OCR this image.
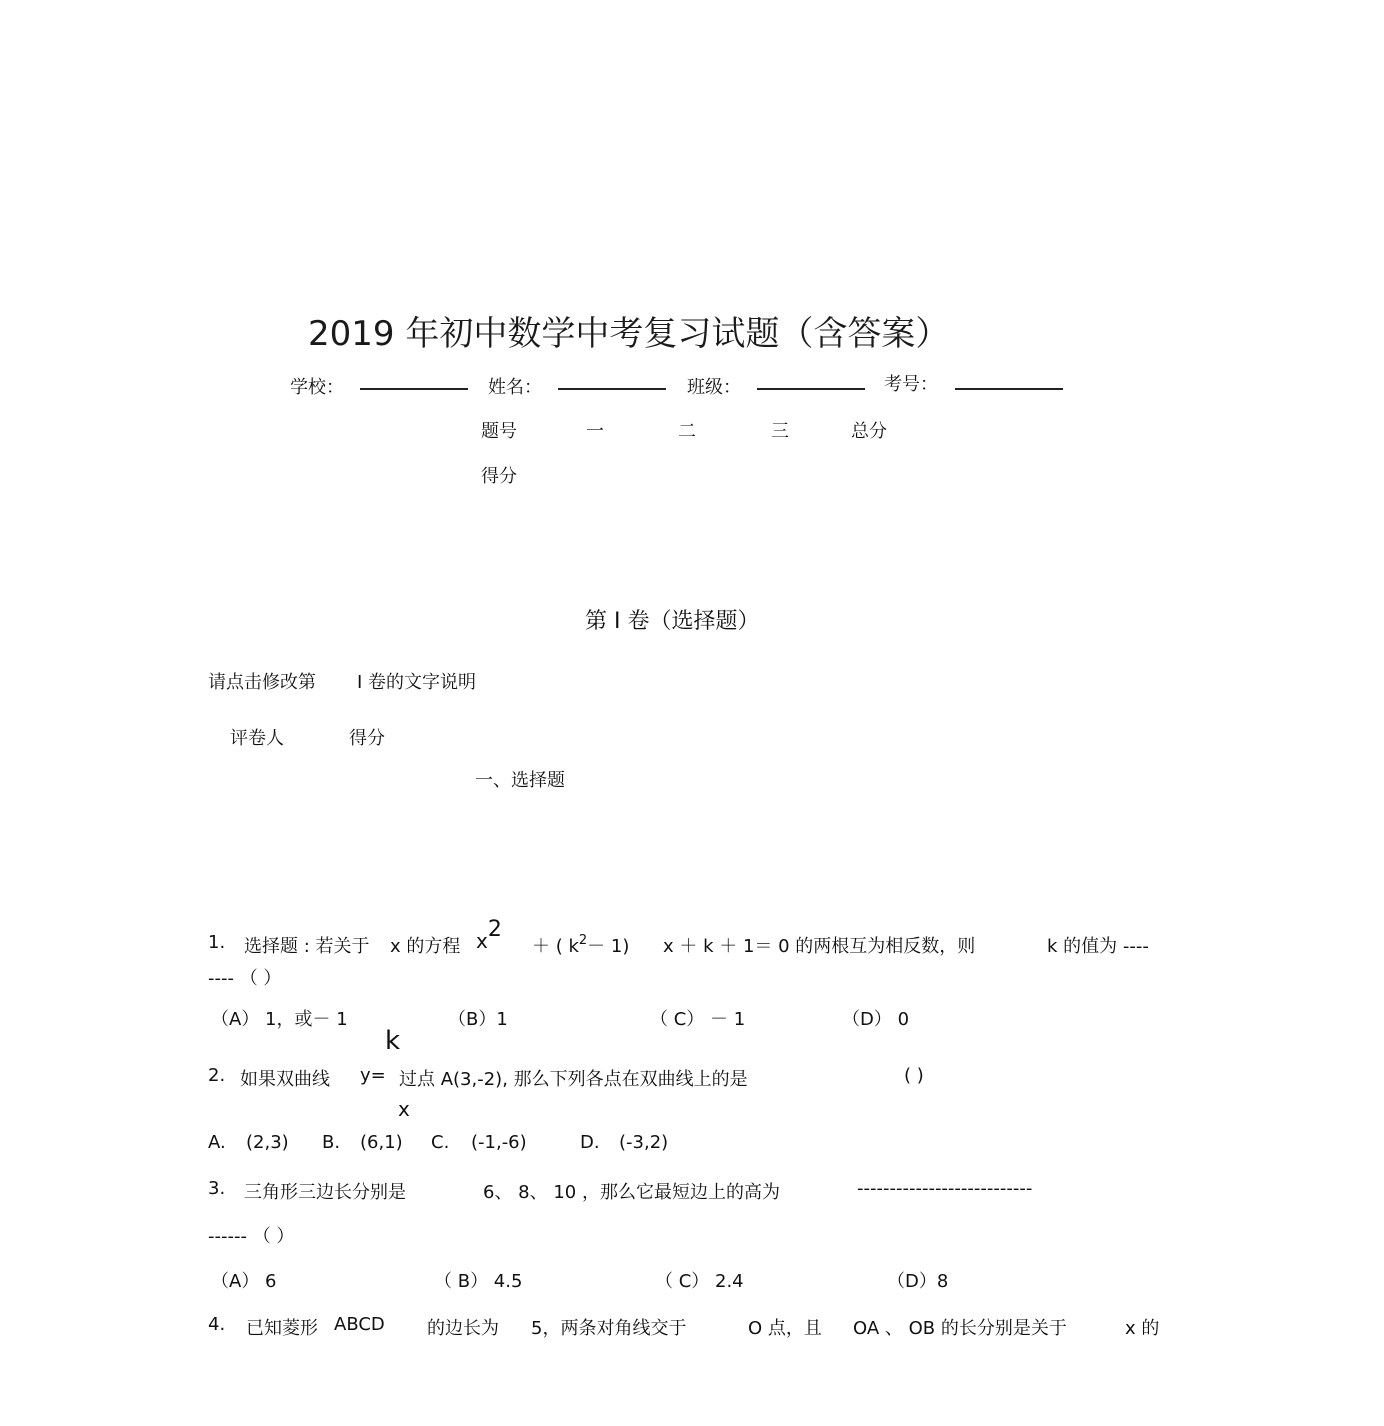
2019 年初中数学中考复习试题（含答案）
学校：	姓名：	班级：	考号：
题号	一	二	三	总分
得分
第 I 卷（选择题）
请点击修改第 I 卷的文字说明
评卷人	得分
一、选择题
1. 选择题 : 若关于 x 的方程 x2
＋ ( $k^2- 1$) x ＋ k ＋ 1＝ 0 的两根互为相反数，则	k 的值为 ----
---- （ ）
（A） 1，或－ 1	（B）1	（ C） － 1	（D） 0
k
2. 如果双曲线 y= 过点 A(3,-2), 那么下列各点在双曲线上的是	( )
x
A. (2,3) B. (6,1) C. (-1,-6)	D. (-3,2)
3. 三角形三边长分别是	6、 8、 10 ，那么它最短边上的高为	---------------------------
------ （ ）
（A） 6	（ B） 4.5	（ C） 2.4	（D）8
4. 已知菱形 ABCD 的边长为 5，两条对角线交于	O 点，且 OA 、 OB 的长分别是关于	x 的
